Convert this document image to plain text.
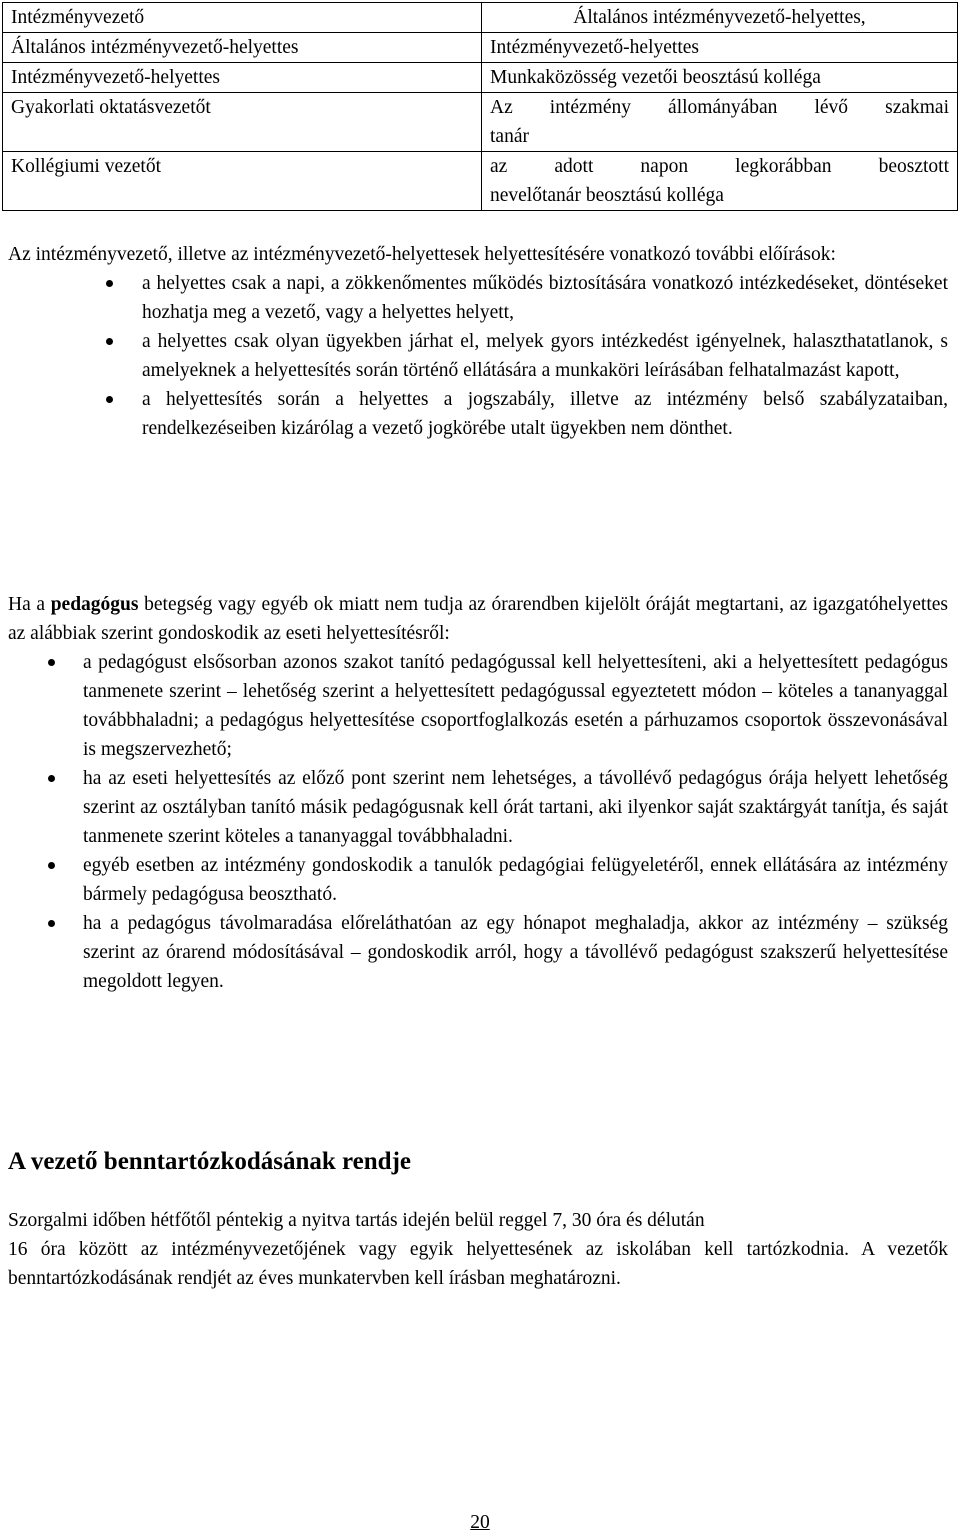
Intézményvezető	Általános intézményvezető-helyettes,

Általános intézményvezető-helyettes	Intézményvezető-helyettes

Intézményvezető-helyettes	Munkaközösség vezetői beosztású kolléga

Gyakorlati oktatásvezetőt	Az intézmény állományában lévő szakmai
tanár

Kollégiumi vezetőt	az adott napon legkorábban beosztott
nevelőtanár beosztású kolléga

Az intézményvezető, illetve az intézményvezető-helyettesek helyettesítésére vonatkozó további előírások:

a helyettes csak a napi, a zökkenőmentes működés biztosítására vonatkozó intézkedéseket, döntéseket hozhatja meg a vezető, vagy a helyettes helyett,
a helyettes csak olyan ügyekben járhat el, melyek gyors intézkedést igényelnek, halaszthatatlanok, s amelyeknek a helyettesítés során történő ellátására a munkaköri leírásában felhatalmazást kapott,
a helyettesítés során a helyettes a jogszabály, illetve az intézmény belső szabályzataiban, rendelkezéseiben kizárólag a vezető jogkörébe utalt ügyekben nem dönthet.

Ha a pedagógus betegség vagy egyéb ok miatt nem tudja az órarendben kijelölt óráját megtartani, az igazgatóhelyettes az alábbiak szerint gondoskodik az eseti helyettesítésről:

a pedagógust elsősorban azonos szakot tanító pedagógussal kell helyettesíteni, aki a helyettesített pedagógus tanmenete szerint – lehetőség szerint a helyettesített pedagógussal egyeztetett módon – köteles a tananyaggal továbbhaladni; a pedagógus helyettesítése csoportfoglalkozás esetén a párhuzamos csoportok összevonásával is megszervezhető;
ha az eseti helyettesítés az előző pont szerint nem lehetséges, a távollévő pedagógus órája helyett lehetőség szerint az osztályban tanító másik pedagógusnak kell órát tartani, aki ilyenkor saját szaktárgyát tanítja, és saját tanmenete szerint köteles a tananyaggal továbbhaladni.
egyéb esetben az intézmény gondoskodik a tanulók pedagógiai felügyeletéről, ennek ellátására az intézmény bármely pedagógusa beosztható.
ha a pedagógus távolmaradása előreláthatóan az egy hónapot meghaladja, akkor az intézmény – szükség szerint az órarend módosításával – gondoskodik arról, hogy a távollévő pedagógust szakszerű helyettesítése megoldott legyen.
A vezető benntartózkodásának rendje

Szorgalmi időben hétfőtől péntekig a nyitva tartás idején belül reggel 7, 30 óra és délután

16 óra között az intézményvezetőjének vagy egyik helyettesének az iskolában kell tartózkodnia. A vezetők benntartózkodásának rendjét az éves munkatervben kell írásban meghatározni.

20
